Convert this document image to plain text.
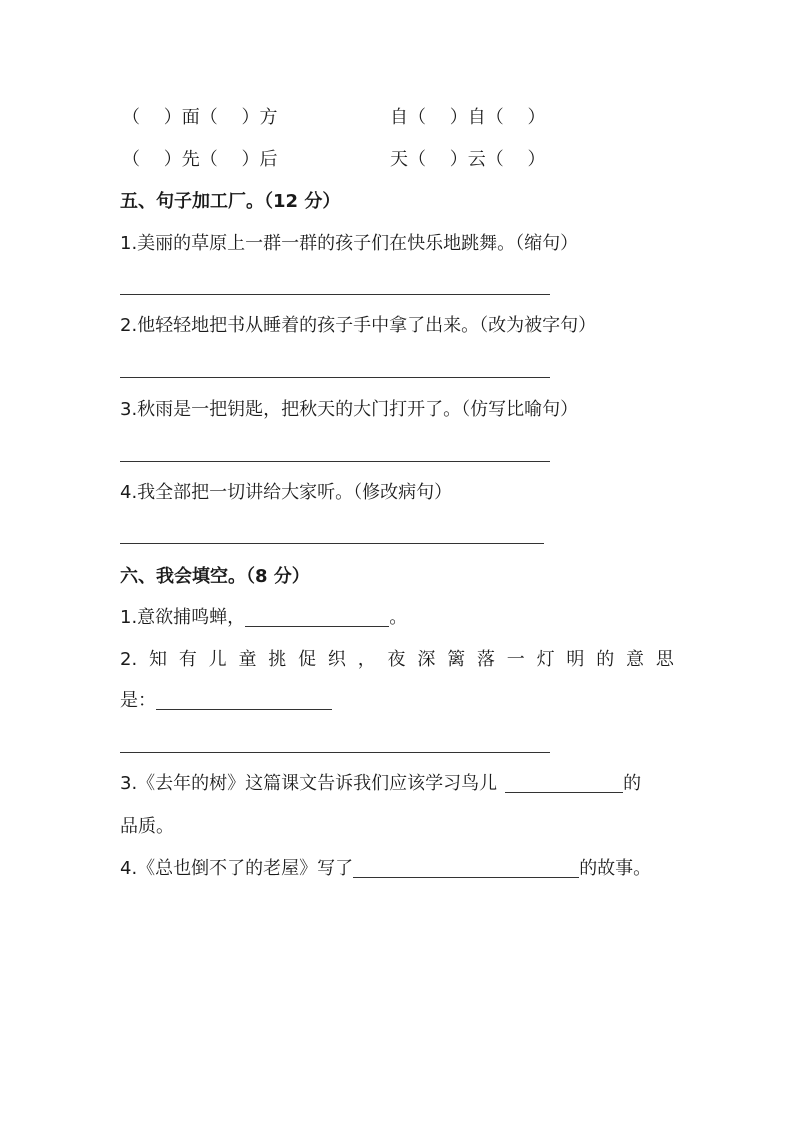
（　 ）面（　 ）方	自（　 ）自（　 ）
（　 ）先（　 ）后	天（　 ）云（　 ）
五、句子加工厂。（12 分）
1.美丽的草原上一群一群的孩子们在快乐地跳舞。（缩句）
2.他轻轻地把书从睡着的孩子手中拿了出来。（改为被字句）
3.秋雨是一把钥匙，把秋天的大门打开了。（仿写比喻句）
4.我全部把一切讲给大家听。（修改病句）
六、我会填空。（8 分）
1.意欲捕鸣蝉，	。
2. 知 有 儿 童 挑 促 织 ， 夜 深 篱 落 一 灯 明 的 意 思
是：
3.《去年的树》这篇课文告诉我们应该学习鸟儿	的
品质。
4.《总也倒不了的老屋》写了	的故事。
